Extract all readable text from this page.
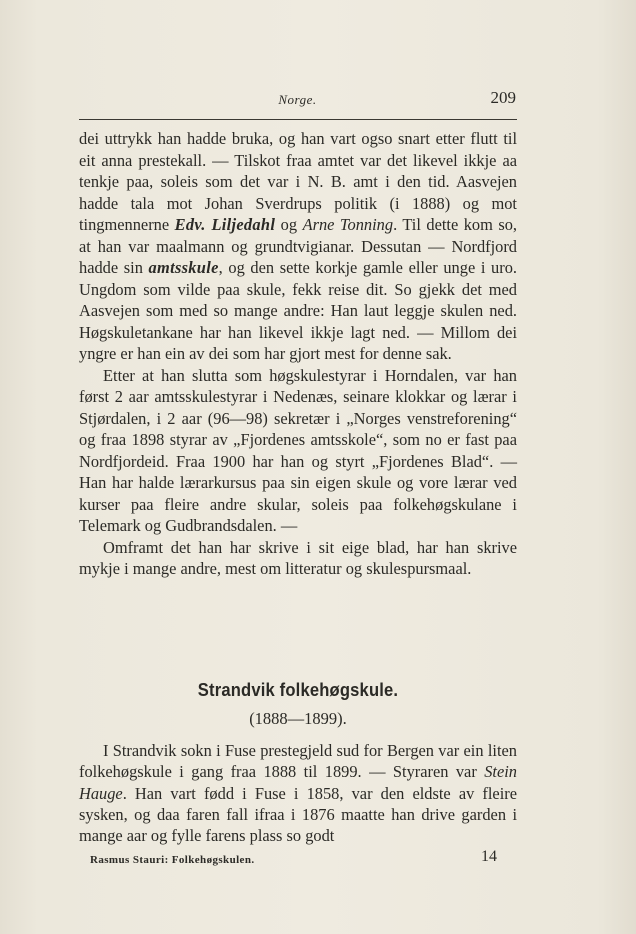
Norge.	209

dei uttrykk han hadde bruka, og han vart ogso snart etter flutt til eit anna prestekall. — Tilskot fraa amtet var det likevel ikkje aa tenkje paa, soleis som det var i N. B. amt i den tid. Aasvejen hadde tala mot Johan Sverdrups politik (i 1888) og mot tingmennerne Edv. Liljedahl og Arne Tonning. Til dette kom so, at han var maalmann og grundtvigianar. Dessutan — Nordfjord hadde sin amtsskule, og den sette korkje gamle eller unge i uro. Ungdom som vilde paa skule, fekk reise dit. So gjekk det med Aasvejen som med so mange andre: Han laut leggje skulen ned. Høgskuletankane har han likevel ikkje lagt ned. — Millom dei yngre er han ein av dei som har gjort mest for denne sak.

Etter at han slutta som høgskulestyrar i Horndalen, var han først 2 aar amtsskulestyrar i Nedenæs, seinare klokkar og lærar i Stjørdalen, i 2 aar (96—98) sekretær i „Norges venstreforening“ og fraa 1898 styrar av „Fjordenes amtsskole“, som no er fast paa Nordfjordeid. Fraa 1900 har han og styrt „Fjordenes Blad“. — Han har halde lærarkursus paa sin eigen skule og vore lærar ved kurser paa fleire andre skular, soleis paa folkehøgskulane i Telemark og Gudbrandsdalen. —

Omframt det han har skrive i sit eige blad, har han skrive mykje i mange andre, mest om litteratur og skulespursmaal.

Strandvik folkehøgskule.
(1888—1899).

I Strandvik sokn i Fuse prestegjeld sud for Bergen var ein liten folkehøgskule i gang fraa 1888 til 1899. — Styraren var Stein Hauge. Han vart fødd i Fuse i 1858, var den eldste av fleire sysken, og daa faren fall ifraa i 1876 maatte han drive garden i mange aar og fylle farens plass so godt

Rasmus Stauri: Folkehøgskulen.	14
